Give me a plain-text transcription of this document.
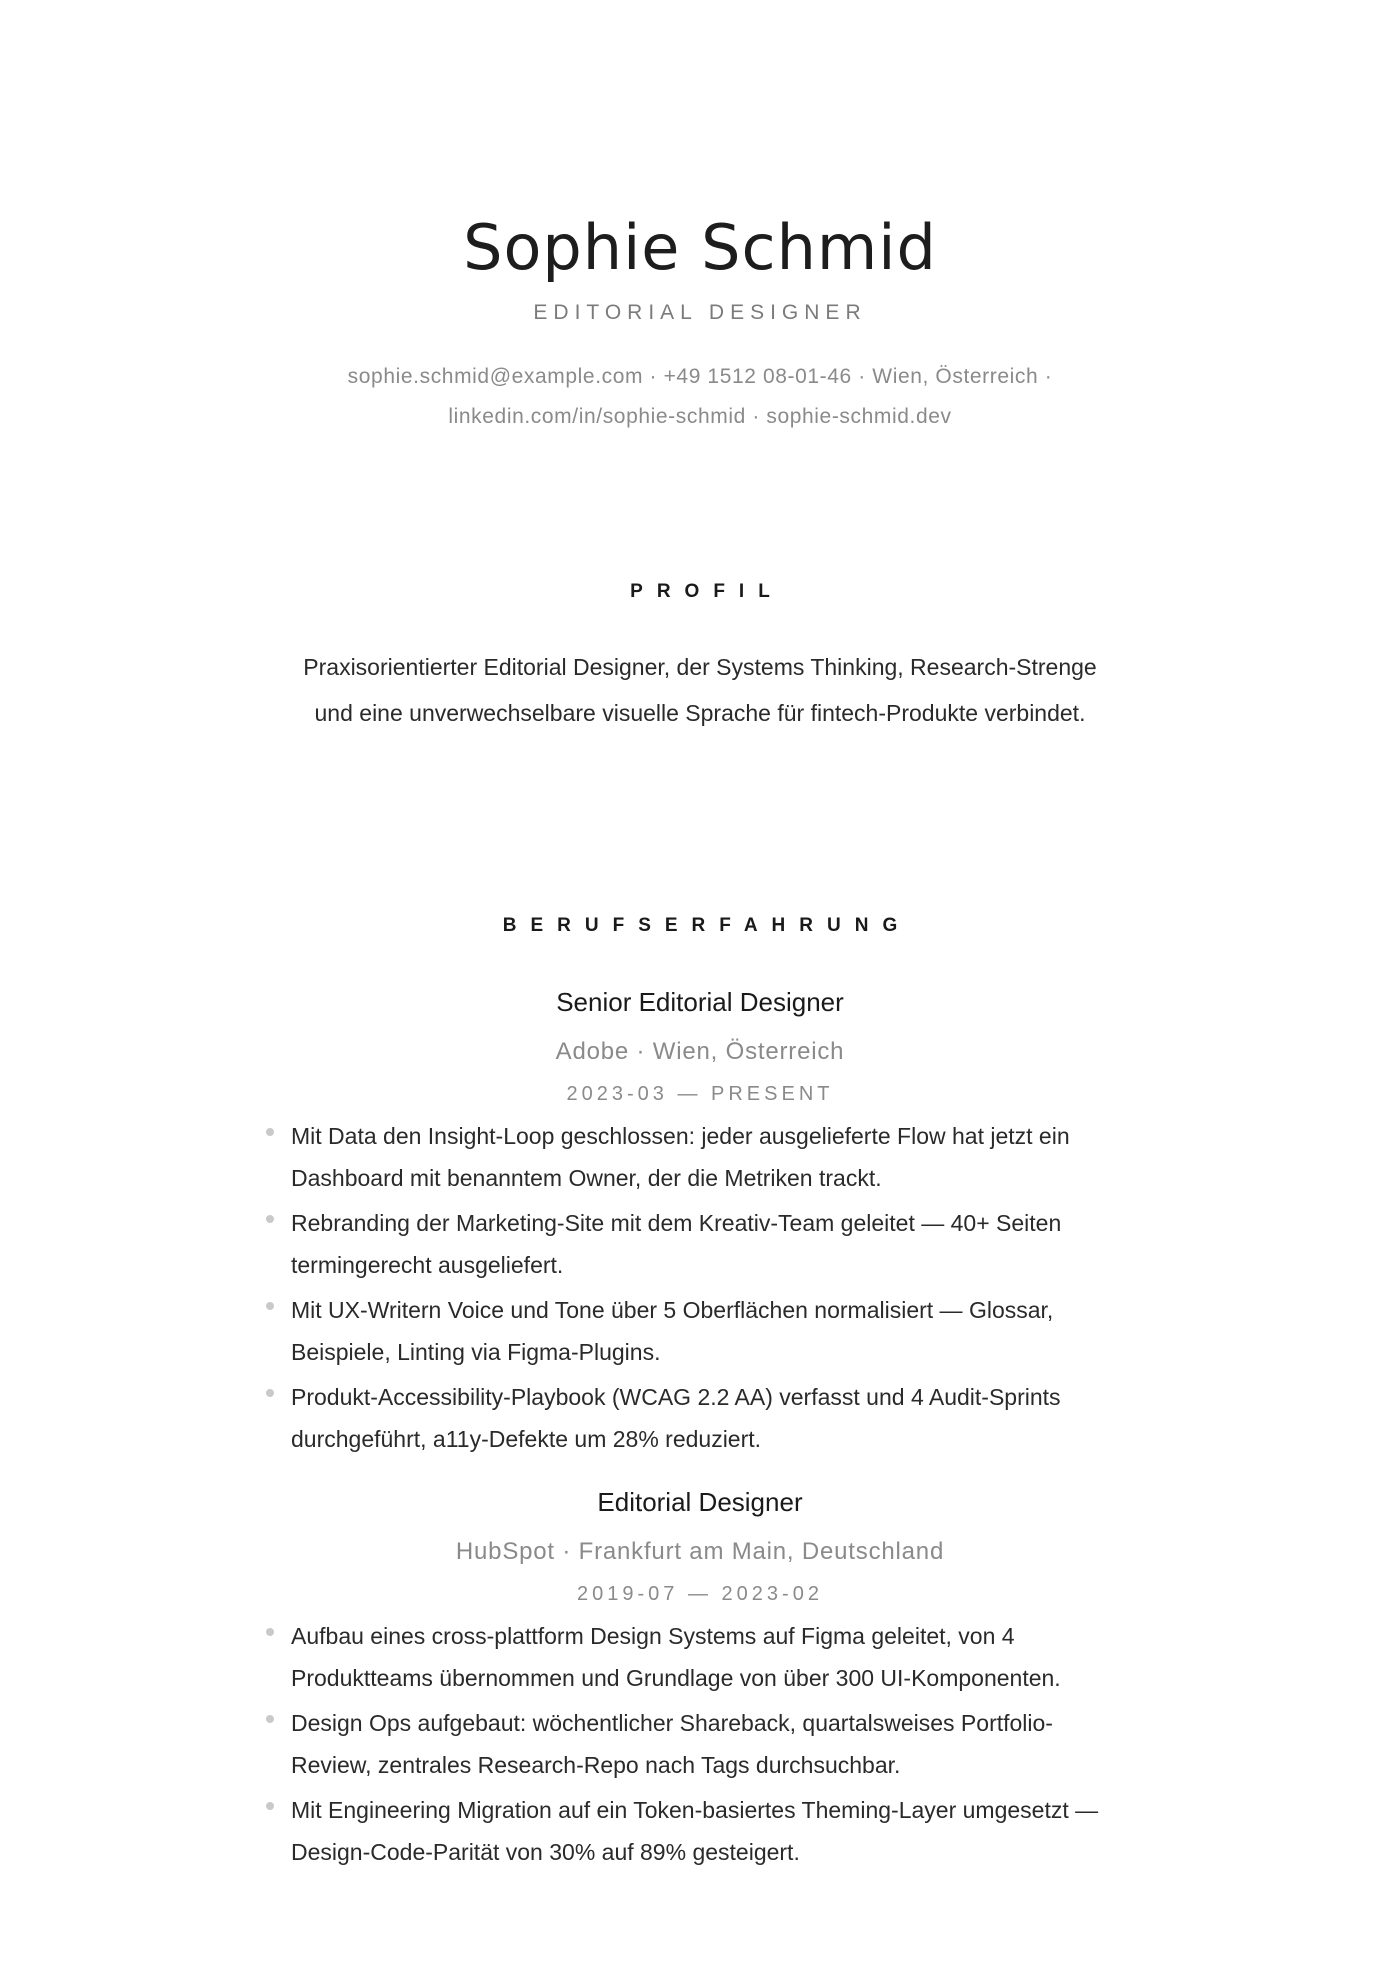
Sophie Schmid
EDITORIAL DESIGNER
sophie.schmid@example.com · +49 1512 08-01-46 · Wien, Österreich ·
linkedin.com/in/sophie-schmid · sophie-schmid.dev
PROFIL

Praxisorientierter Editorial Designer, der Systems Thinking, Research-Strenge und eine unverwechselbare visuelle Sprache für fintech-Produkte verbindet.

BERUFSERFAHRUNG
Senior Editorial Designer
Adobe · Wien, Österreich
2023-03 — PRESENT
Mit Data den Insight-Loop geschlossen: jeder ausgelieferte Flow hat jetzt ein Dashboard mit benanntem Owner, der die Metriken trackt.
Rebranding der Marketing-Site mit dem Kreativ-Team geleitet — 40+ Seiten termingerecht ausgeliefert.
Mit UX-Writern Voice und Tone über 5 Oberflächen normalisiert — Glossar, Beispiele, Linting via Figma-Plugins.
Produkt-Accessibility-Playbook (WCAG 2.2 AA) verfasst und 4 Audit-Sprints durchgeführt, a11y-Defekte um 28% reduziert.
Editorial Designer
HubSpot · Frankfurt am Main, Deutschland
2019-07 — 2023-02
Aufbau eines cross-plattform Design Systems auf Figma geleitet, von 4 Produktteams übernommen und Grundlage von über 300 UI-Komponenten.
Design Ops aufgebaut: wöchentlicher Shareback, quartalsweises Portfolio-Review, zentrales Research-Repo nach Tags durchsuchbar.
Mit Engineering Migration auf ein Token-basiertes Theming-Layer umgesetzt — Design-Code-Parität von 30% auf 89% gesteigert.
